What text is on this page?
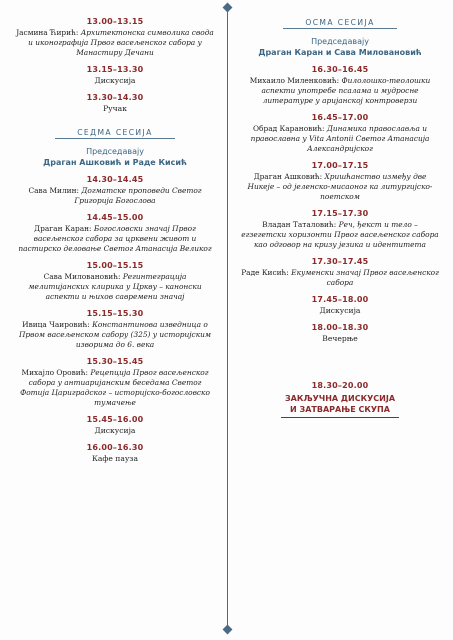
13.00–13.15
Јасмина Ћирић: Архитектонска символика свода и иконографија Првог васељенског сабора у Манастиру Дечани
13.15–13.30
Дискусија
13.30–14.30
Ручак
СЕДМА СЕСИЈА
Председавају
Драган Ашковић и Раде Кисић
14.30–14.45
Сава Милин: Догматске проповеди Светог Григорија Богослова
14.45–15.00
Драган Каран: Богословски значај Првог васељенског сабора за црквени живот и пастирско деловање Светог Атанасија Великог
15.00–15.15
Сава Миловановић: Регинтеграција мелитијанских клирика у Цркву – канонски аспекти и њихов савремени значај
15.15–15.30
Ивица Чаировић: Константинова изведница о Првом васељенском сабору (325) у историјским изворима до 6. века
15.30–15.45
Михајло Оровић: Рецепција Првог васељенског сабора у антиаријанским беседама Светог Фотија Цариградског – историјско-богословско тумачење
15.45–16.00
Дискусија
16.00–16.30
Кафе пауза
ОСМА СЕСИЈА
Председавају
Драган Каран и Сава Миловановић
16.30–16.45
Михаило Миленковић: Филолошко-теолошки аспекти употребе псалама и мудросне литературе у аријанској контроверзи
16.45–17.00
Обрад Карановић: Динамика православља и православна у Vita Antonii Светог Атанасија Александријског
17.00–17.15
Драган Ашковић: Хришћанство између две Никеје – од јеленско-мисаоног ка литургијско-поетском
17.15–17.30
Владан Таталовић: Реч, ђекст и тело – егзегетски хоризонти Првог васељенског сабора као одговор на кризу језика и идентитета
17.30–17.45
Раде Кисић: Екуменски значај Првог васељенског сабора
17.45–18.00
Дискусија
18.00–18.30
Вечерње
18.30–20.00
ЗАКЉУЧНА ДИСКУСИЈА
И ЗАТВАРАЊЕ СКУПА
